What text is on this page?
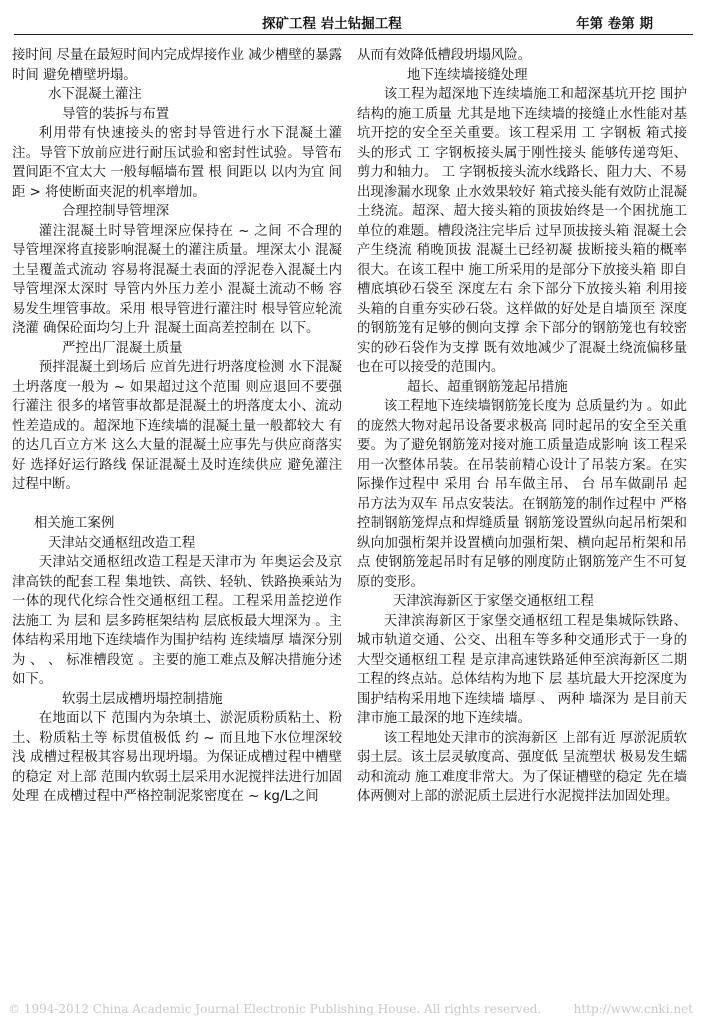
探矿工程 岩土钻掘工程	年第 卷第 期

接时间 尽量在最短时间内完成焊接作业 减少槽壁的暴露时间 避免槽壁坍塌。

水下混凝土灌注
导管的装拆与布置

利用带有快速接头的密封导管进行水下混凝土灌注。导管下放前应进行耐压试验和密封性试验。导管布置间距不宜太大 一般每幅墙布置 根 间距以 以内为宜 间距 > 将使断面夹泥的机率增加。

合理控制导管埋深

灌注混凝土时导管埋深应保持在 ~ 之间 不合理的导管埋深将直接影响混凝土的灌注质量。埋深太小 混凝土呈覆盖式流动 容易将混凝土表面的浮泥卷入混凝土内 导管埋深太深时 导管内外压力差小 混凝土流动不畅 容易发生埋管事故。采用 根导管进行灌注时 根导管应轮流浇灌 确保砼面均匀上升 混凝土面高差控制在 以下。

严控出厂混凝土质量

预拌混凝土到场后 应首先进行坍落度检测 水下混凝土坍落度一般为 ~ 如果超过这个范围 则应退回不要强行灌注 很多的堵管事故都是混凝土的坍落度太小、流动性差造成的。超深地下连续墙的混凝土量一般都较大 有的达几百立方米 这么大量的混凝土应事先与供应商落实好 选择好运行路线 保证混凝土及时连续供应 避免灌注过程中断。

相关施工案例
天津站交通枢纽改造工程

天津站交通枢纽改造工程是天津市为 年奥运会及京津高铁的配套工程 集地铁、高铁、轻轨、铁路换乘站为一体的现代化综合性交通枢纽工程。工程采用盖挖逆作法施工 为 层和 层多跨框架结构 层底板最大埋深为 。主体结构采用地下连续墙作为围护结构 连续墙厚 墙深分别为 、 、 标准槽段宽 。主要的施工难点及解决措施分述如下。

软弱土层成槽坍塌控制措施

在地面以下 范围内为杂填土、淤泥质粉质粘土、粉土、粉质粘土等 标贯值极低 约 ~ 而且地下水位埋深较浅 成槽过程极其容易出现坍塌。为保证成槽过程中槽壁的稳定 对上部 范围内软弱土层采用水泥搅拌法进行加固处理 在成槽过程中严格控制泥浆密度在 ~ kg/L之间

从而有效降低槽段坍塌风险。

地下连续墙接缝处理

该工程为超深地下连续墙施工和超深基坑开挖 围护结构的施工质量 尤其是地下连续墙的接缝止水性能对基坑开挖的安全至关重要。该工程采用 工 字钢板 箱式接头的形式 工 字钢板接头属于刚性接头 能够传递弯矩、剪力和轴力。 工 字钢板接头流水线路长、阻力大、不易出现渗漏水现象 止水效果较好 箱式接头能有效防止混凝土绕流。超深、超大接头箱的顶拔始终是一个困扰施工单位的难题。槽段浇注完毕后 过早顶拔接头箱 混凝土会产生绕流 稍晚顶拔 混凝土已经初凝 拔断接头箱的概率很大。在该工程中 施工所采用的是部分下放接头箱 即自槽底填砂石袋至 深度左右 余下部分下放接头箱 利用接头箱的自重夯实砂石袋。这样做的好处是自墙顶至 深度的钢筋笼有足够的侧向支撑 余下部分的钢筋笼也有较密实的砂石袋作为支撑 既有效地减少了混凝土绕流偏移量也在可以接受的范围内。

超长、超重钢筋笼起吊措施

该工程地下连续墙钢筋笼长度为 总质量约为 。如此的庞然大物对起吊设备要求极高 同时起吊的安全至关重要。为了避免钢筋笼对接对施工质量造成影响 该工程采用一次整体吊装。在吊装前精心设计了吊装方案。在实际操作过程中 采用 台 吊车做主吊、 台 吊车做副吊 起吊方法为双车 吊点安装法。在钢筋笼的制作过程中 严格控制钢筋笼焊点和焊缝质量 钢筋笼设置纵向起吊桁架和纵向加强桁架并设置横向加强桁架、横向起吊桁架和吊点 使钢筋笼起吊时有足够的刚度防止钢筋笼产生不可复原的变形。

天津滨海新区于家堡交通枢纽工程

天津滨海新区于家堡交通枢纽工程是集城际铁路、城市轨道交通、公交、出租车等多种交通形式于一身的大型交通枢纽工程 是京津高速铁路延伸至滨海新区二期工程的终点站。总体结构为地下 层 基坑最大开挖深度为 围护结构采用地下连续墙 墙厚 、 两种 墙深为 是目前天津市施工最深的地下连续墙。

该工程地处天津市的滨海新区 上部有近 厚淤泥质软弱土层。该土层灵敏度高、强度低 呈流塑状 极易发生蠕动和流动 施工难度非常大。为了保证槽壁的稳定 先在墙体两侧对上部的淤泥质土层进行水泥搅拌法加固处理。

© 1994-2012 China Academic Journal Electronic Publishing House. All rights reserved.	http://www.cnki.net
